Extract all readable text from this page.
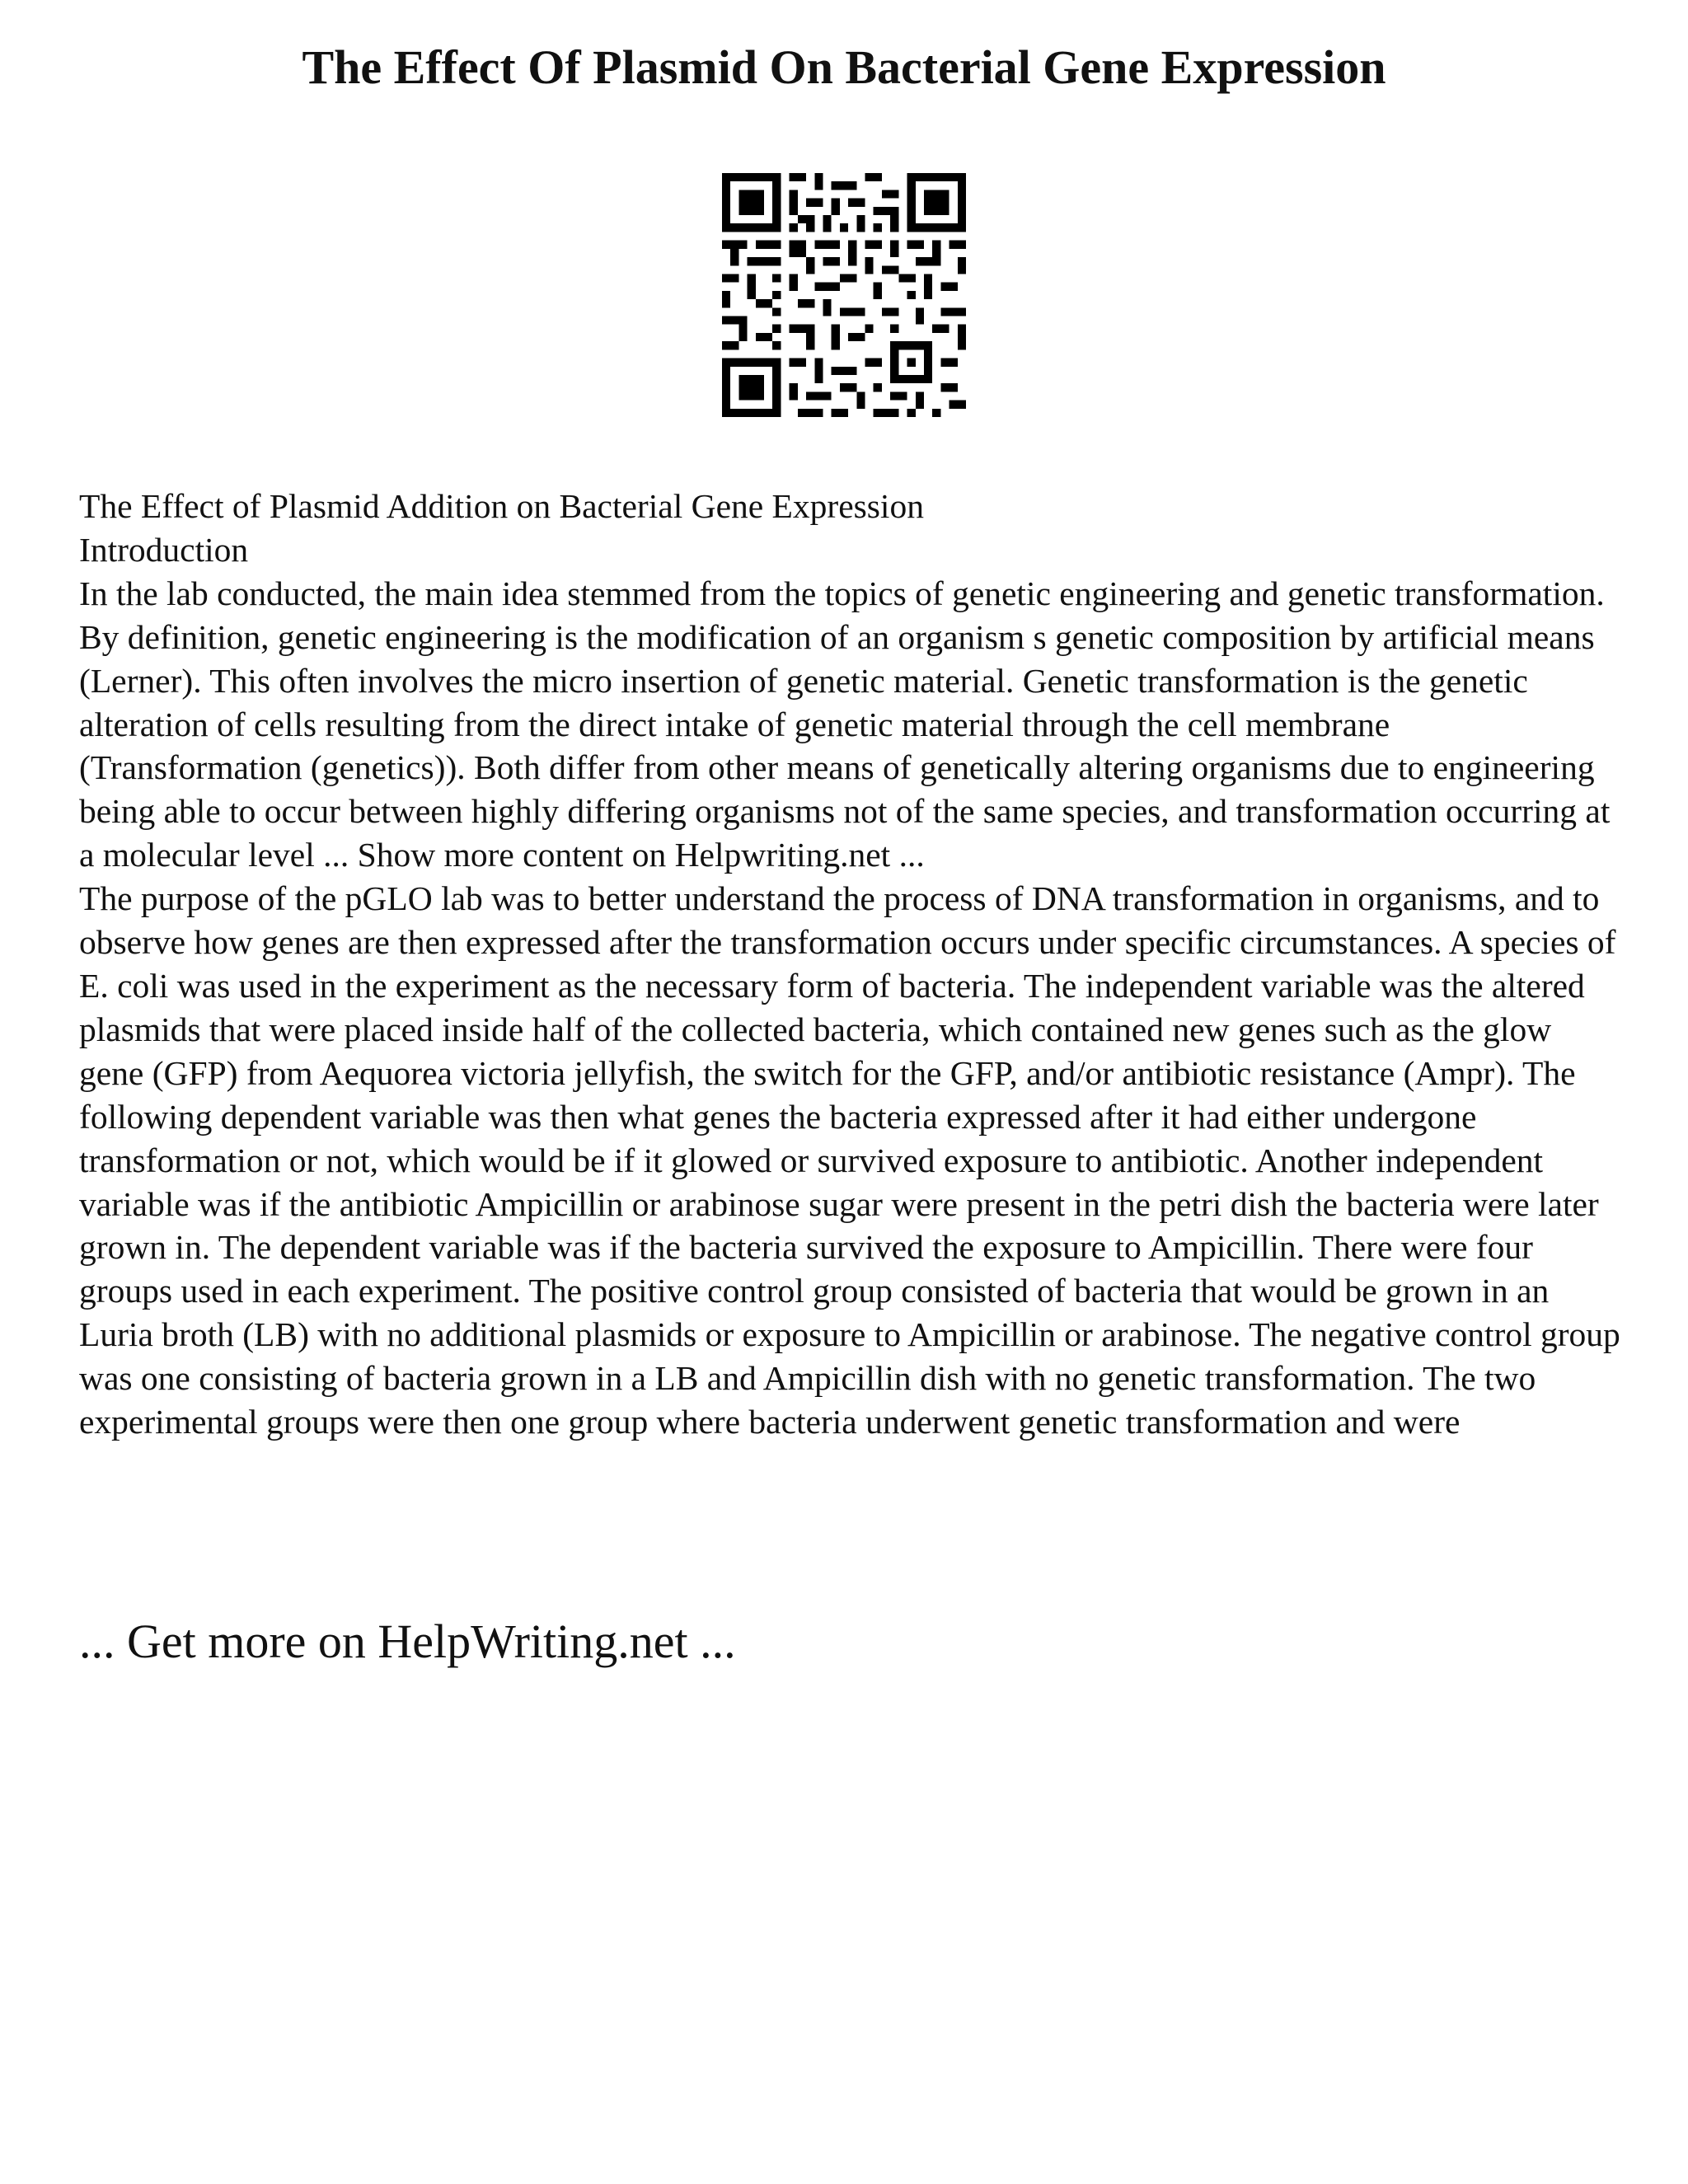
The Effect Of Plasmid On Bacterial Gene Expression

The Effect of Plasmid Addition on Bacterial Gene Expression

Introduction

In the lab conducted, the main idea stemmed from the topics of genetic engineering and genetic transformation. By definition, genetic engineering is the modification of an organism s genetic composition by artificial means (Lerner). This often involves the micro insertion of genetic material. Genetic transformation is the genetic alteration of cells resulting from the direct intake of genetic material through the cell membrane (Transformation (genetics)). Both differ from other means of genetically altering organisms due to engineering being able to occur between highly differing organisms not of the same species, and transformation occurring at a molecular level ... Show more content on Helpwriting.net ...

The purpose of the pGLO lab was to better understand the process of DNA transformation in organisms, and to observe how genes are then expressed after the transformation occurs under specific circumstances. A species of E. coli was used in the experiment as the necessary form of bacteria. The independent variable was the altered plasmids that were placed inside half of the collected bacteria, which contained new genes such as the glow gene (GFP) from Aequorea victoria jellyfish, the switch for the GFP, and/or antibiotic resistance (Ampr). The following dependent variable was then what genes the bacteria expressed after it had either undergone transformation or not, which would be if it glowed or survived exposure to antibiotic. Another independent variable was if the antibiotic Ampicillin or arabinose sugar were present in the petri dish the bacteria were later grown in. The dependent variable was if the bacteria survived the exposure to Ampicillin. There were four groups used in each experiment. The positive control group consisted of bacteria that would be grown in an Luria broth (LB) with no additional plasmids or exposure to Ampicillin or arabinose. The negative control group was one consisting of bacteria grown in a LB and Ampicillin dish with no genetic transformation. The two experimental groups were then one group where bacteria underwent genetic transformation and were

... Get more on HelpWriting.net ...
